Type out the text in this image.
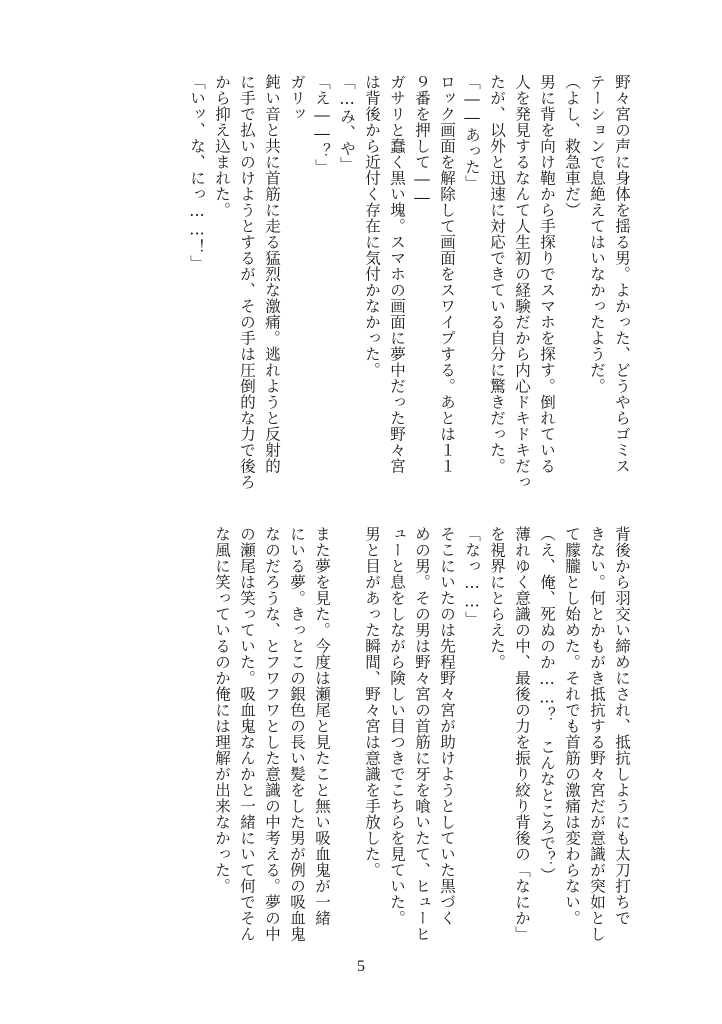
野々宮の声に身体を揺る男。よかった、どうやらゴミス
テーションで息絶えてはいなかったようだ。
（よし、救急車だ）
男に背を向け鞄から手探りでスマホを探す。倒れている
人を発見するなんて人生初の経験だから内心ドキドキだっ
たが、以外と迅速に対応できている自分に驚きだった。
「――あった」
ロック画面を解除して画面をスワイプする。あとは１１
９番を押して――
ガサリと蠢く黒い塊。スマホの画面に夢中だった野々宮
は背後から近付く存在に気付かなかった。
「…み、や」
「え――？」
ガリッ
鈍い音と共に首筋に走る猛烈な激痛。逃れようと反射的
に手で払いのけようとするが、その手は圧倒的な力で後ろ
から抑え込まれた。
「いッ、な、にっ……！」
背後から羽交い締めにされ、抵抗しようにも太刀打ちで
きない。何とかもがき抵抗する野々宮だが意識が突如とし
て朦朧とし始めた。それでも首筋の激痛は変わらない。
（え、俺、死ぬのか……？　こんなところで？）
薄れゆく意識の中、最後の力を振り絞り背後の「なにか」
を視界にとらえた。
「なっ……」
そこにいたのは先程野々宮が助けようとしていた黒づく
めの男。その男は野々宮の首筋に牙を喰いたて、ヒューヒ
ューと息をしながら険しい目つきでこちらを見ていた。
男と目があった瞬間、野々宮は意識を手放した。
また夢を見た。今度は瀬尾と見たこと無い吸血鬼が一緒
にいる夢。きっとこの銀色の長い髪をした男が例の吸血鬼
なのだろうな、とフワフワとした意識の中考える。夢の中
の瀬尾は笑っていた。吸血鬼なんかと一緒にいて何でそん
な風に笑っているのか俺には理解が出来なかった。
5
